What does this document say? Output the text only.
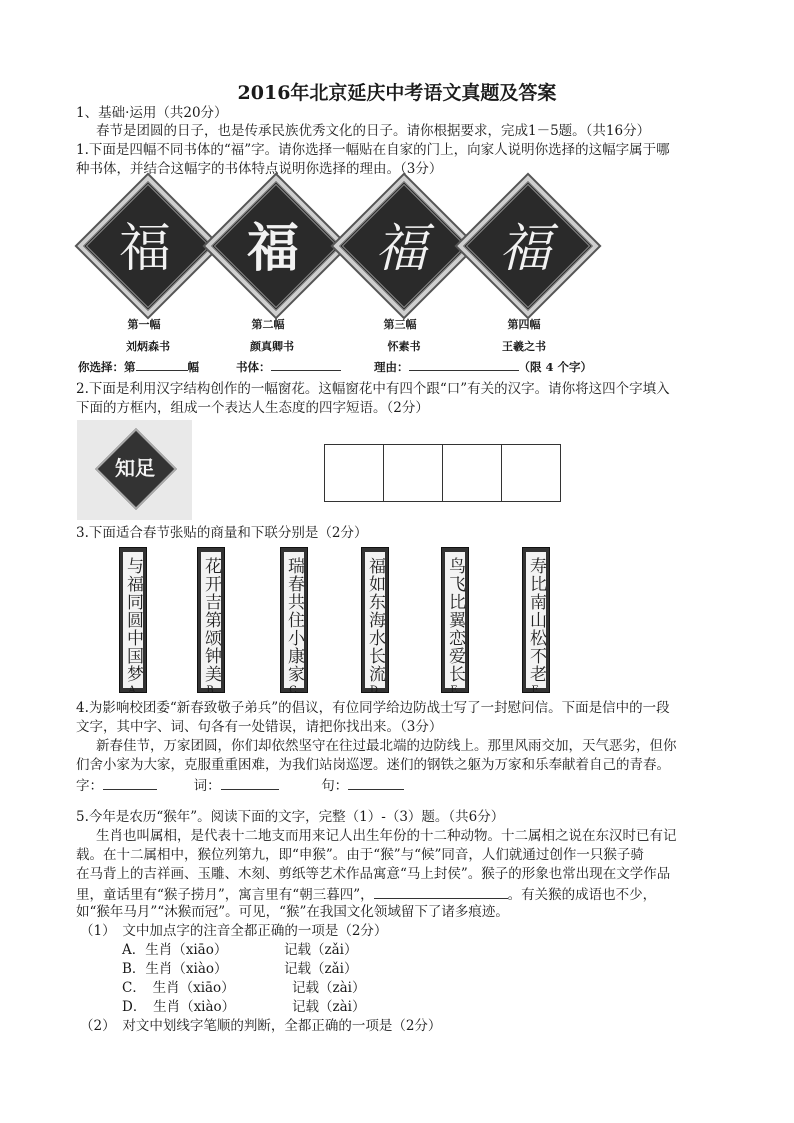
2016年北京延庆中考语文真题及答案
1、基础·运用（共20分）
春节是团圆的日子，也是传承民族优秀文化的日子。请你根据要求，完成1－5题。（共16分）
1.下面是四幅不同书体的“福”字。请你选择一幅贴在自家的门上，向家人说明你选择的这幅字属于哪
种书体，并结合这幅字的书体特点说明你选择的理由。（3分）
福	福	福	福
第一幅	第二幅	第三幅	第四幅
刘炳森书	颜真卿书	怀素书	王羲之书
你选择：第	幅	书体：	理由：	（限 4 个字）
2.下面是利用汉字结构创作的一幅窗花。这幅窗花中有四个跟“口”有关的汉字。请你将这四个字填入
下面的方框内，组成一个表达人生态度的四字短语。（2分）
知足
3.下面适合春节张贴的商量和下联分别是（2分）
与福同圆中国梦	花开吉第颂钟美	瑞春共住小康家	福如东海水长流	鸟飞比翼恋爱长	寿比南山松不老
A	B	C	D	E	F
4.为影响校团委“新春致敬子弟兵”的倡议，有位同学给边防战士写了一封慰问信。下面是信中的一段
文字，其中字、词、句各有一处错误，请把你找出来。（3分）
新春佳节，万家团圆，你们却依然坚守在往过最北端的边防线上。那里风雨交加，天气恶劣，但你
们舍小家为大家，克服重重困难，为我们站岗巡逻。迷们的钢铁之躯为万家和乐奉献着自己的青春。
字：	词：	句：
5.今年是农历“猴年”。阅读下面的文字，完整（1）-（3）题。（共6分）
生肖也叫属相，是代表十二地支而用来记人出生年份的十二种动物。十二属相之说在东汉时已有记
载。在十二属相中，猴位列第九，即“申猴”。由于“猴”与“候”同音，人们就通过创作一只猴子骑
在马背上的吉祥画、玉雕、木刻、剪纸等艺术作品寓意“马上封侯”。猴子的形象也常出现在文学作品
里，童话里有“猴子捞月”，寓言里有“朝三暮四”，	。有关猴的成语也不少，
如“猴年马月”“沐猴而冠”。可见，“猴”在我国文化领域留下了诸多痕迹。
（1）　文中加点字的注音全都正确的一项是（2分）
A．生肖（xiāo）	记载（zǎi）
B．生肖（xiào）	记载（zǎi）
C．　生肖（xiāo）	记载（zài）
D．　生肖（xiào）	记载（zài）
（2）　对文中划线字笔顺的判断，全都正确的一项是（2分）
